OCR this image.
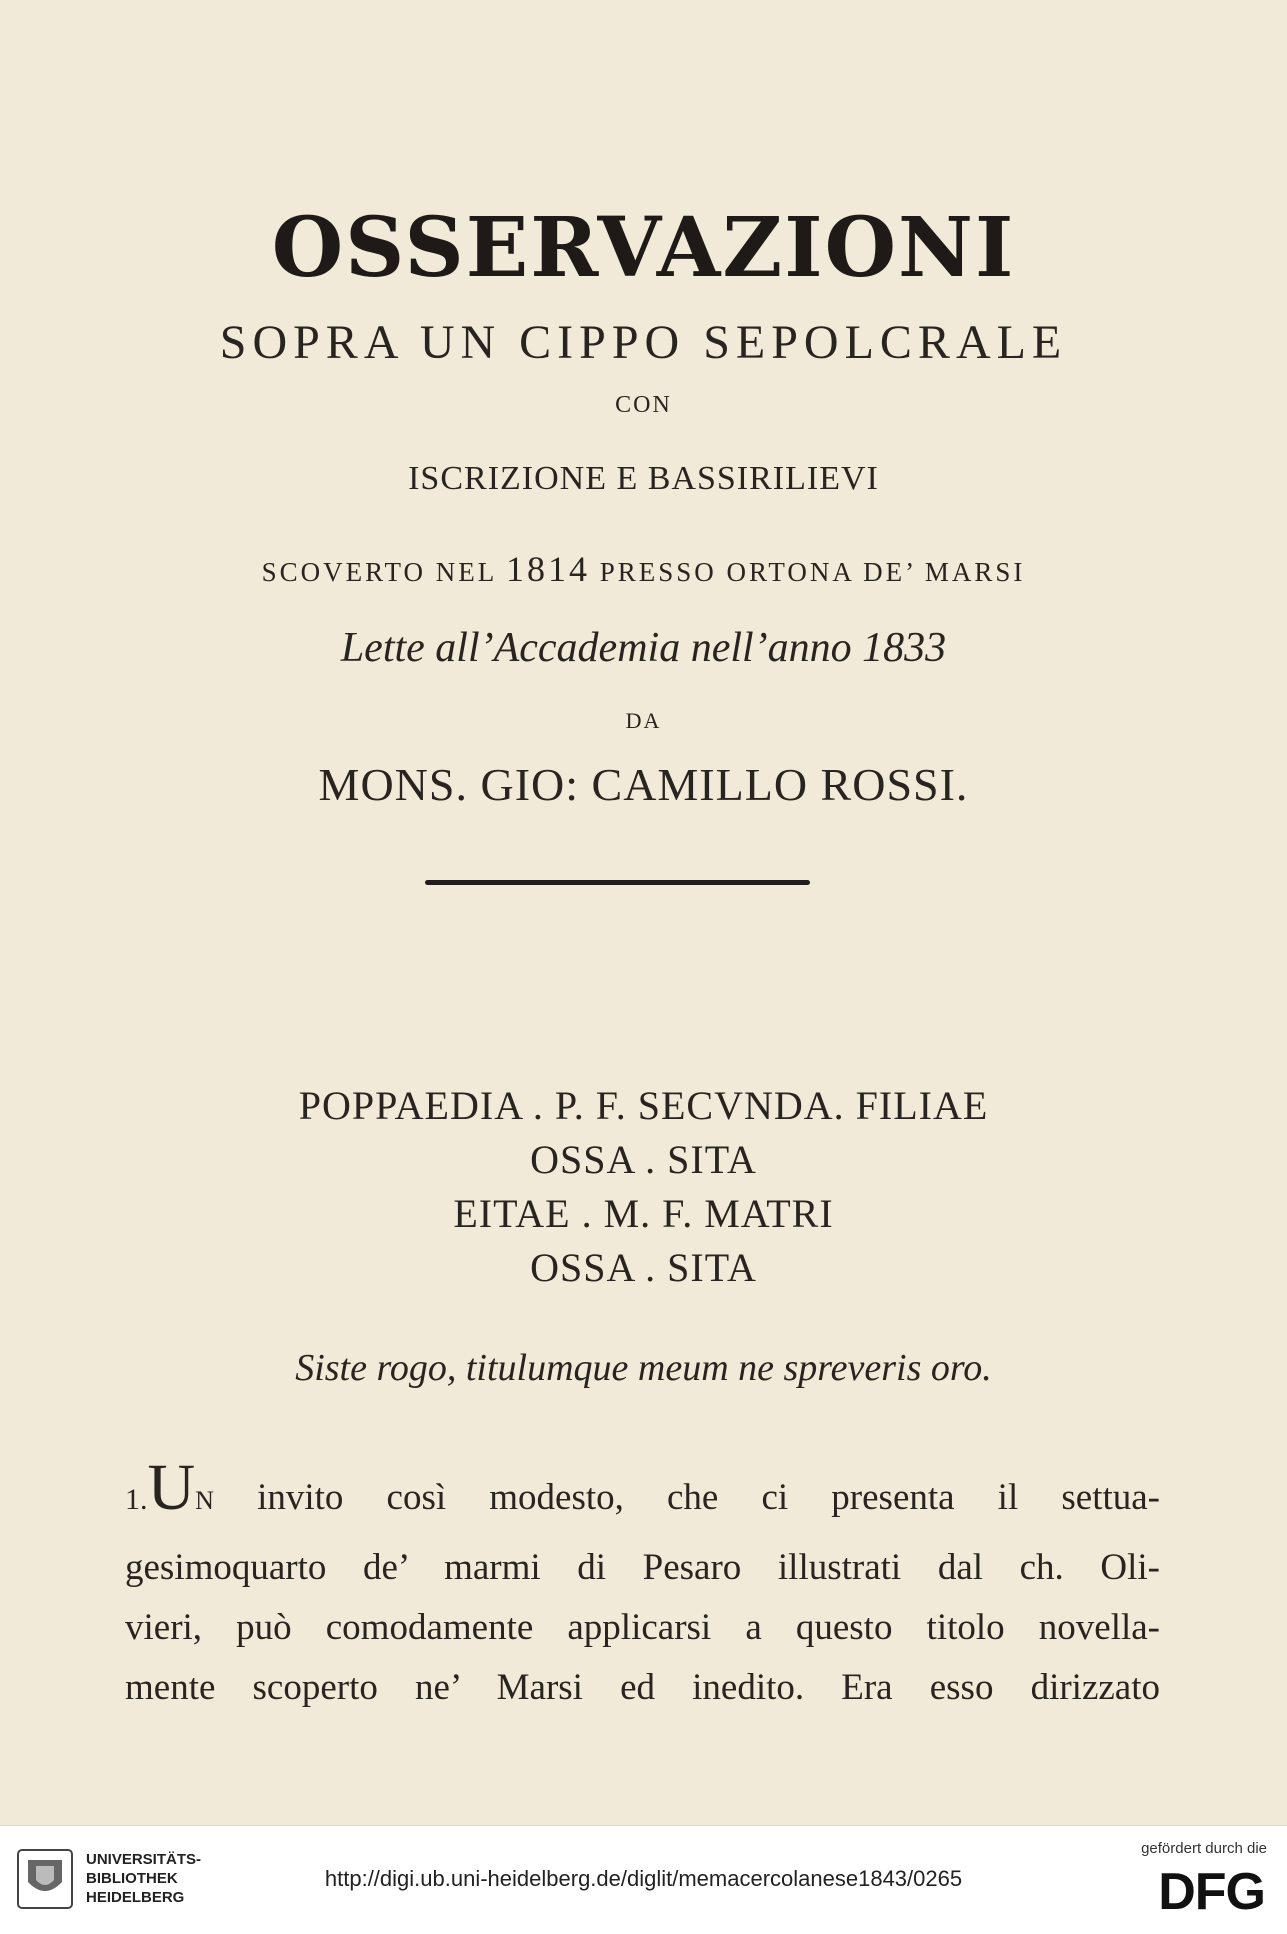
OSSERVAZIONI
SOPRA UN CIPPO SEPOLCRALE
CON
ISCRIZIONE E BASSIRILIEVI
SCOVERTO NEL 1814 PRESSO ORTONA DE’ MARSI
Lette all’Accademia nell’anno 1833
DA
MONS. GIO: CAMILLO ROSSI.
POPPAEDIA . P. F. SECVNDA. FILIAE
OSSA . SITA
EITAE . M. F. MATRI
OSSA . SITA
Siste rogo, titulumque meum ne spreveris oro.
1.UN invito così modesto, che ci presenta il settua-
gesimoquarto de’ marmi di Pesaro illustrati dal ch. Oli-
vieri, può comodamente applicarsi a questo titolo novella-
mente scoperto ne’ Marsi ed inedito. Era esso dirizzato
UNIVERSITÄTS-
BIBLIOTHEK
HEIDELBERG
http://digi.ub.uni-heidelberg.de/diglit/memacercolanese1843/0265
gefördert durch die
DFG
